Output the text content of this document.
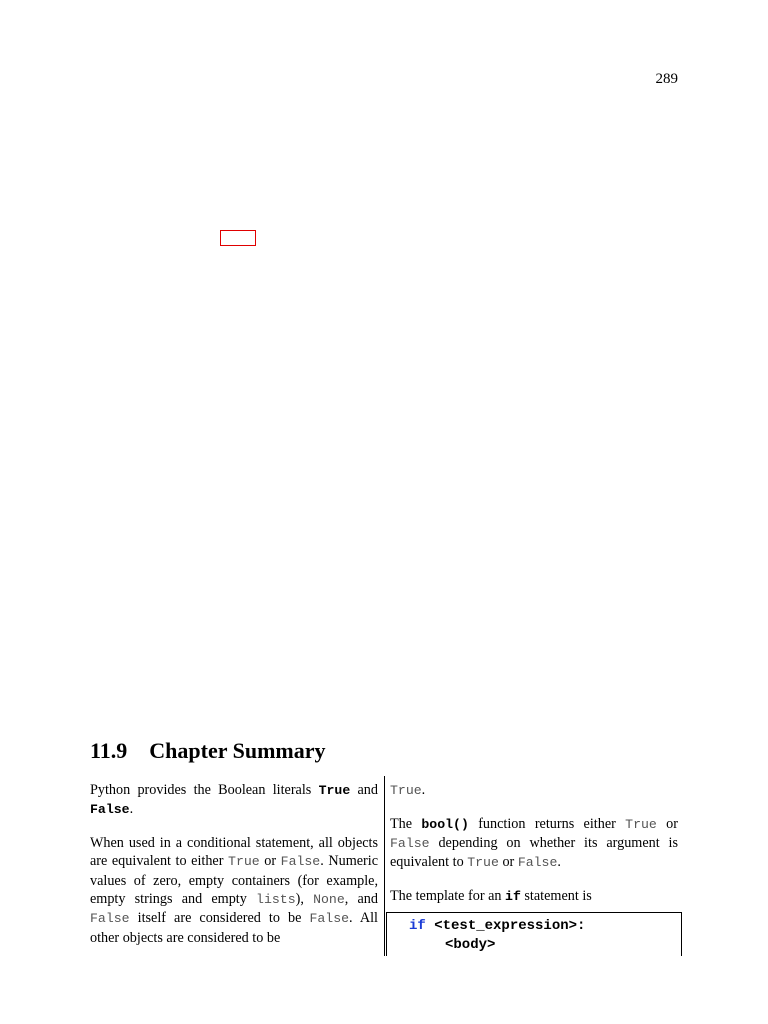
289
11.9 Chapter Summary

Python provides the Boolean literals True and False.

When used in a conditional statement, all objects are equivalent to either True or False. Numeric values of zero, empty containers (for example, empty strings and empty lists), None, and False itself are considered to be False. All other objects are considered to be

True.

The bool() function returns either True or False depending on whether its argument is equivalent to True or False.

The template for an if statement is

if <test_expression>:
<body>
